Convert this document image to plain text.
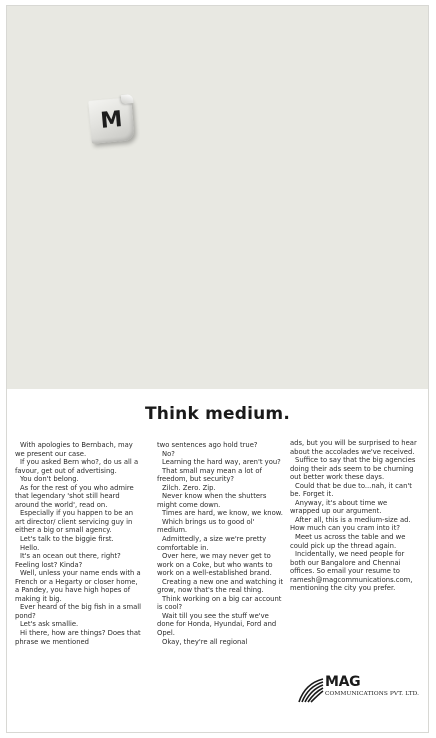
M
Think medium.

With apologies to Bernbach, may we present our case.

If you asked Bern who?, do us all a favour, get out of advertising.

You don't belong.

As for the rest of you who admire that legendary 'shot still heard around the world', read on.

Especially if you happen to be an art director/ client servicing guy in either a big or small agency.

Let's talk to the biggie first.

Hello.

It's an ocean out there, right? Feeling lost? Kinda?

Well, unless your name ends with a French or a Hegarty or closer home, a Pandey, you have high hopes of making it big.

Ever heard of the big fish in a small pond?

Let's ask smallie.

Hi there, how are things? Does that phrase we mentioned

two sentences ago hold true?

No?

Learning the hard way, aren't you?

That small may mean a lot of freedom, but security?

Zilch. Zero. Zip.

Never know when the shutters might come down.

Times are hard, we know, we know.

Which brings us to good ol' medium.

Admittedly, a size we're pretty comfortable in.

Over here, we may never get to work on a Coke, but who wants to work on a well-established brand.

Creating a new one and watching it grow, now that's the real thing.

Think working on a big car account is cool?

Wait till you see the stuff we've done for Honda, Hyundai, Ford and Opel.

Okay, they're all regional

ads, but you will be surprised to hear about the accolades we've received.

Suffice to say that the big agencies doing their ads seem to be churning out better work these days.

Could that be due to...nah, it can't be. Forget it.

Anyway, it's about time we wrapped up our argument.

After all, this is a medium-size ad. How much can you cram into it?

Meet us across the table and we could pick up the thread again.

Incidentally, we need people for both our Bangalore and Chennai offices. So email your resume to

ramesh@magcommunications.com, mentioning the city you prefer.

MAG
COMMUNICATIONS PVT. LTD.
